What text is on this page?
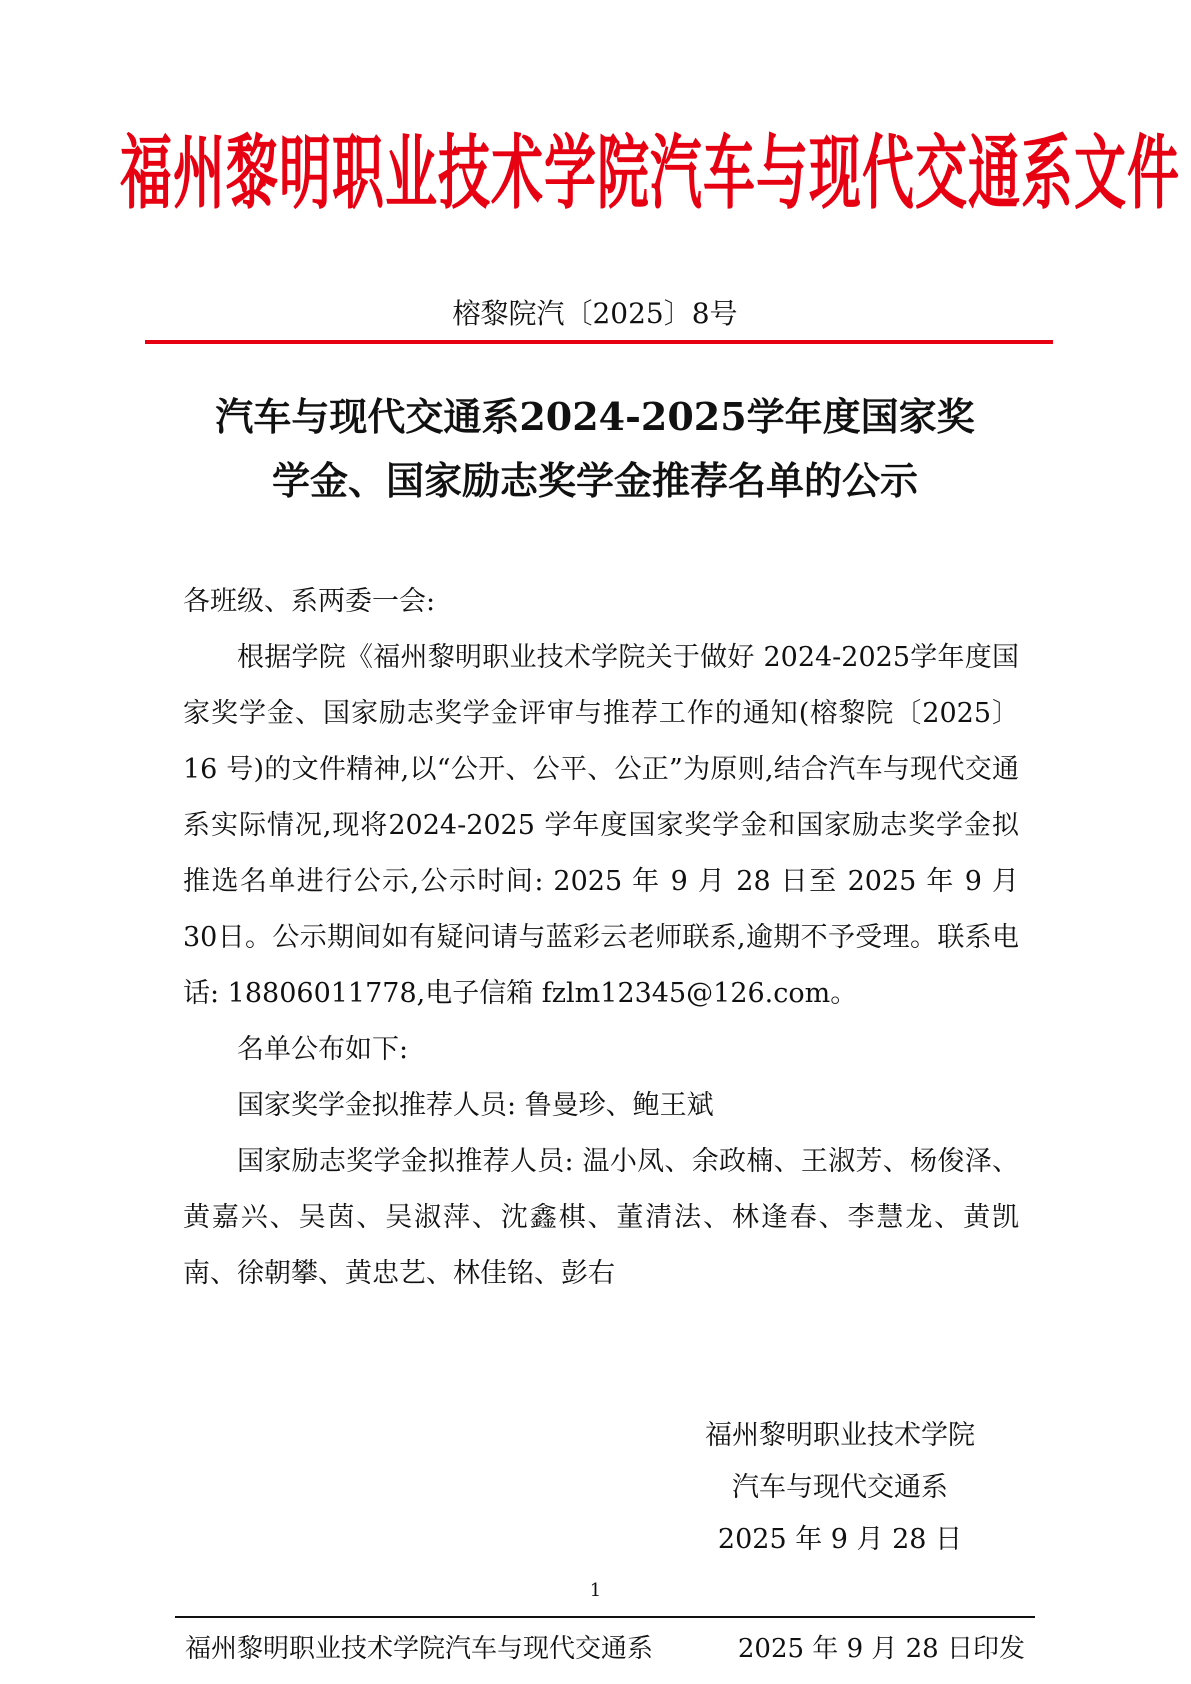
福州黎明职业技术学院汽车与现代交通系文件
榕黎院汽〔2025〕8号
汽车与现代交通系2024-2025学年度国家奖
学金、国家励志奖学金推荐名单的公示

各班级、系两委一会:

根据学院《福州黎明职业技术学院关于做好 2024-2025学年度国家奖学金、国家励志奖学金评审与推荐工作的通知(榕黎院〔2025〕16 号)的文件精神,以“公开、公平、公正”为原则,结合汽车与现代交通系实际情况,现将2024-2025 学年度国家奖学金和国家励志奖学金拟推选名单进行公示,公示时间: 2025 年 9 月 28 日至 2025 年 9 月 30日。公示期间如有疑问请与蓝彩云老师联系,逾期不予受理。联系电话: 18806011778,电子信箱 fzlm12345@126.com。

名单公布如下:

国家奖学金拟推荐人员: 鲁曼珍、鲍王斌

国家励志奖学金拟推荐人员: 温小凤、余政楠、王淑芳、杨俊泽、黄嘉兴、吴茵、吴淑萍、沈鑫棋、董清法、林逢春、李慧龙、黄凯南、徐朝攀、黄忠艺、林佳铭、彭右

福州黎明职业技术学院
汽车与现代交通系
2025 年 9 月 28 日
1
福州黎明职业技术学院汽车与现代交通系	2025 年 9 月 28 日印发
